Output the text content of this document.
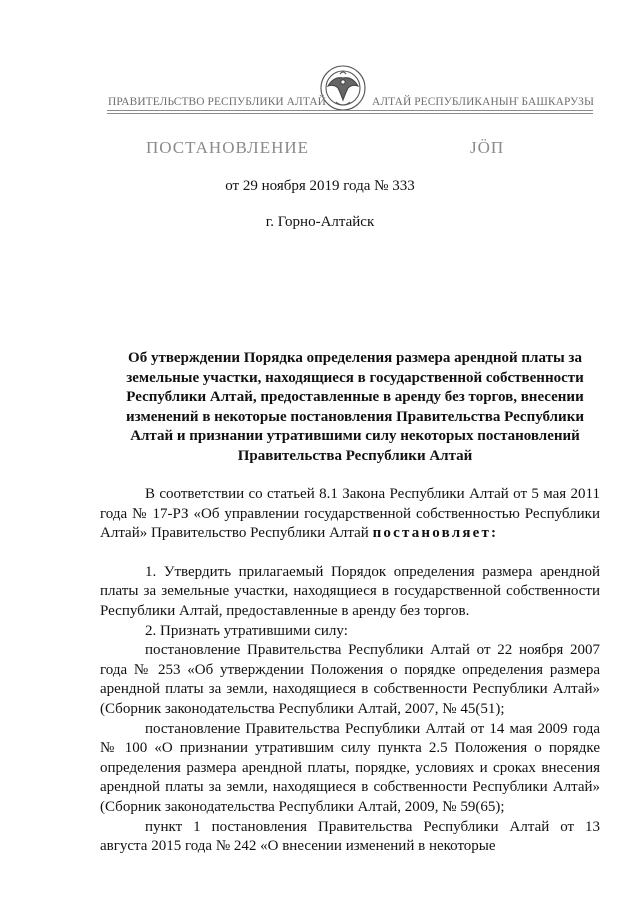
ПРАВИТЕЛЬСТВО РЕСПУБЛИКИ АЛТАЙ	АЛТАЙ РЕСПУБЛИКАНЫҤ БАШКАРУЗЫ
ПОСТАНОВЛЕНИЕ	ЈӦП
от 29 ноября 2019 года № 333
г. Горно-Алтайск
Об утверждении Порядка определения размера арендной платы за земельные участки, находящиеся в государственной собственности Республики Алтай, предоставленные в аренду без торгов, внесении изменений в некоторые постановления Правительства Республики Алтай и признании утратившими силу некоторых постановлений Правительства Республики Алтай

В соответствии со статьей 8.1 Закона Республики Алтай от 5 мая 2011 года № 17-РЗ «Об управлении государственной собственностью Республики Алтай» Правительство Республики Алтай постановляет:

1. Утвердить прилагаемый Порядок определения размера арендной платы за земельные участки, находящиеся в государственной собственности Республики Алтай, предоставленные в аренду без торгов.

2. Признать утратившими силу:

постановление Правительства Республики Алтай от 22 ноября 2007 года № 253 «Об утверждении Положения о порядке определения размера арендной платы за земли, находящиеся в собственности Республики Алтай» (Сборник законодательства Республики Алтай, 2007, № 45(51);

постановление Правительства Республики Алтай от 14 мая 2009 года № 100 «О признании утратившим силу пункта 2.5 Положения о порядке определения размера арендной платы, порядке, условиях и сроках внесения арендной платы за земли, находящиеся в собственности Республики Алтай» (Сборник законодательства Республики Алтай, 2009, № 59(65);

пункт 1 постановления Правительства Республики Алтай от 13 августа 2015 года № 242 «О внесении изменений в некоторые
